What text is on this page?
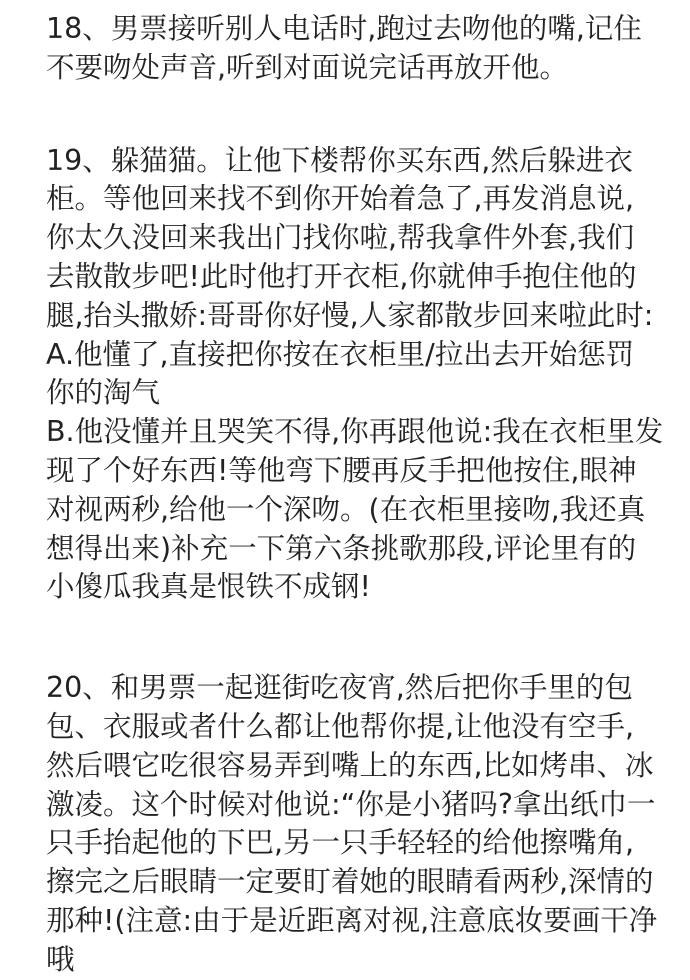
18、男票接听别人电话时,跑过去吻他的嘴,记住
不要吻处声音,听到对面说完话再放开他。
19、躲猫猫。让他下楼帮你买东西,然后躲进衣
柜。等他回来找不到你开始着急了,再发消息说,
你太久没回来我出门找你啦,帮我拿件外套,我们
去散散步吧!此时他打开衣柜,你就伸手抱住他的
腿,抬头撒娇:哥哥你好慢,人家都散步回来啦此时:
A.他懂了,直接把你按在衣柜里/拉出去开始惩罚
你的淘气
B.他没懂并且哭笑不得,你再跟他说:我在衣柜里发
现了个好东西!等他弯下腰再反手把他按住,眼神
对视两秒,给他一个深吻。(在衣柜里接吻,我还真
想得出来)补充一下第六条挑歌那段,评论里有的
小傻瓜我真是恨铁不成钢!
20、和男票一起逛街吃夜宵,然后把你手里的包
包、衣服或者什么都让他帮你提,让他没有空手,
然后喂它吃很容易弄到嘴上的东西,比如烤串、冰
激凌。这个时候对他说:“你是小猪吗?拿出纸巾一
只手抬起他的下巴,另一只手轻轻的给他擦嘴角,
擦完之后眼睛一定要盯着她的眼睛看两秒,深情的
那种!(注意:由于是近距离对视,注意底妆要画干净
哦
